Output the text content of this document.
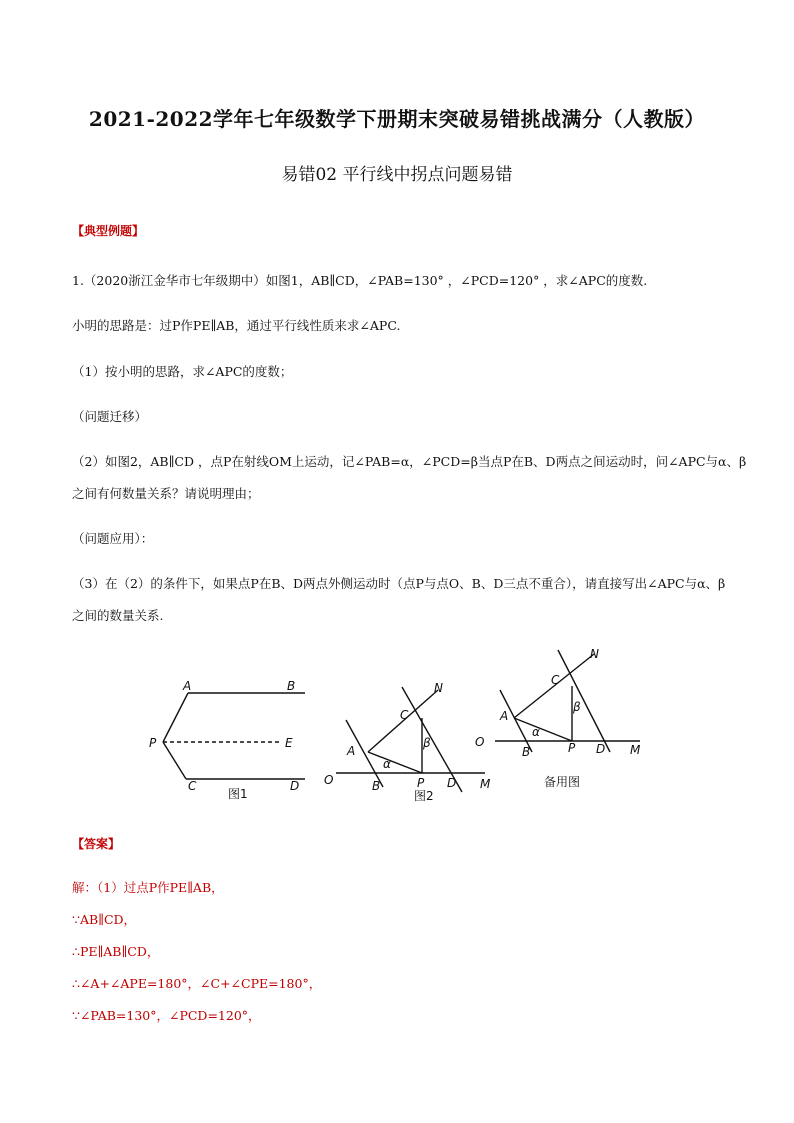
2021-2022学年七年级数学下册期末突破易错挑战满分（人教版）
易错02 平行线中拐点问题易错
【典型例题】
1.（2020浙江金华市七年级期中）如图1，AB∥CD，∠PAB=130° ，∠PCD=120° ，求∠APC的度数.
小明的思路是：过P作PE∥AB，通过平行线性质来求∠APC.
（1）按小明的思路，求∠APC的度数；
（问题迁移）
（2）如图2，AB∥CD ，点P在射线OM上运动，记∠PAB=α，∠PCD=β当点P在B、D两点之间运动时，问∠APC与α、β
之间有何数量关系？请说明理由；
（问题应用）：
（3）在（2）的条件下，如果点P在B、D两点外侧运动时（点P与点O、B、D三点不重合），请直接写出∠APC与α、β
之间的数量关系.
A	B
P	E
C	D
图1
N
C
β
A
α
O	B	P D M
图2
N
C
β
A
α
O
B	P D M
备用图
【答案】
解：（1）过点P作PE∥AB，
∵AB∥CD，
∴PE∥AB∥CD，
∴∠A+∠APE=180°，∠C+∠CPE=180°，
∵∠PAB=130°，∠PCD=120°，
